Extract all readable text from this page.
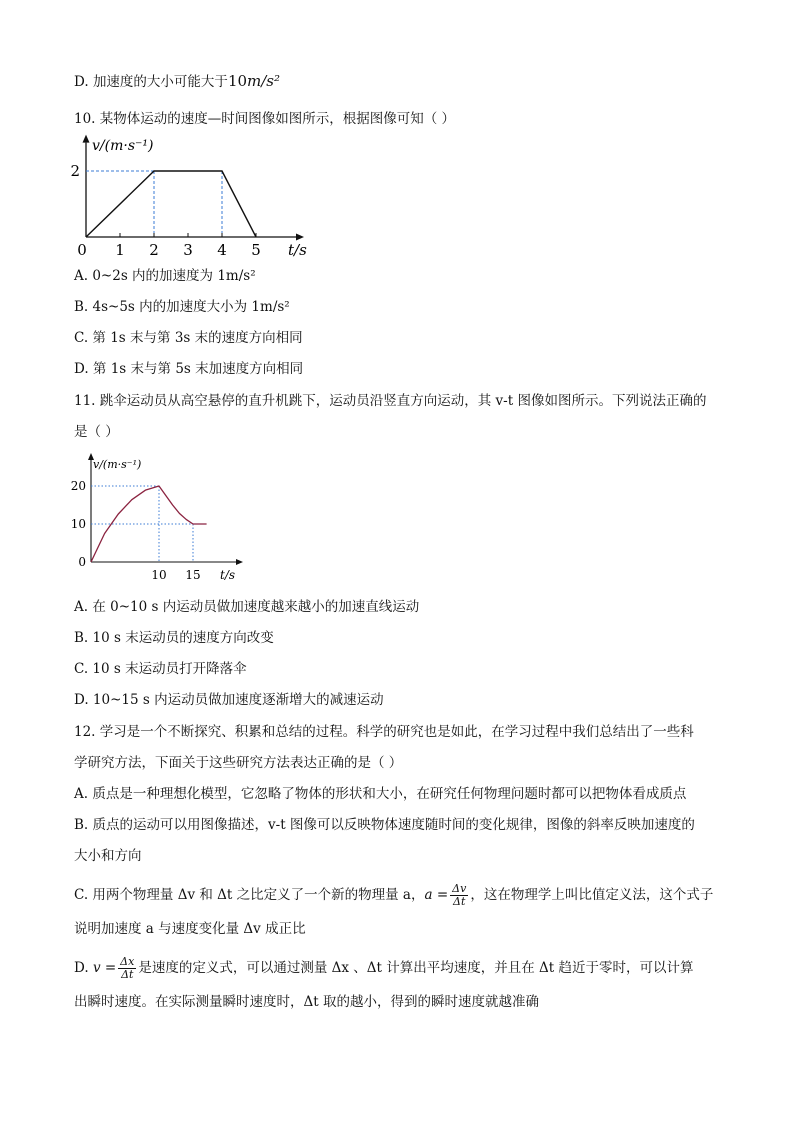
D. 加速度的大小可能大于10m/s²
10. 某物体运动的速度—时间图像如图所示，根据图像可知（ ）
0 1 2 3 4 5
2
t/s
v/(m·s⁻¹)
A. 0~2s 内的加速度为 1m/s²
B. 4s~5s 内的加速度大小为 1m/s²
C. 第 1s 末与第 3s 末的速度方向相同
D. 第 1s 末与第 5s 末加速度方向相同
11. 跳伞运动员从高空悬停的直升机跳下，运动员沿竖直方向运动，其 v-t 图像如图所示。下列说法正确的
是（ ）
10 15
0
10
20
t/s
v/(m·s⁻¹)
A. 在 0~10 s 内运动员做加速度越来越小的加速直线运动
B. 10 s 末运动员的速度方向改变
C. 10 s 末运动员打开降落伞
D. 10~15 s 内运动员做加速度逐渐增大的减速运动
12. 学习是一个不断探究、积累和总结的过程。科学的研究也是如此，在学习过程中我们总结出了一些科
学研究方法，下面关于这些研究方法表达正确的是（ ）
A. 质点是一种理想化模型，它忽略了物体的形状和大小，在研究任何物理问题时都可以把物体看成质点
B. 质点的运动可以用图像描述，v-t 图像可以反映物体速度随时间的变化规律，图像的斜率反映加速度的
大小和方向
C. 用两个物理量 Δv 和 Δt 之比定义了一个新的物理量 a，$a = \frac{\Delta v}{\Delta t}$ ，这在物理学上叫比值定义法，这个式子
说明加速度 a 与速度变化量 Δv 成正比
D. $v = \frac{\Delta x}{\Delta t}$ 是速度的定义式，可以通过测量 Δx 、Δt 计算出平均速度，并且在 Δt 趋近于零时，可以计算
出瞬时速度。在实际测量瞬时速度时，Δt 取的越小，得到的瞬时速度就越准确
